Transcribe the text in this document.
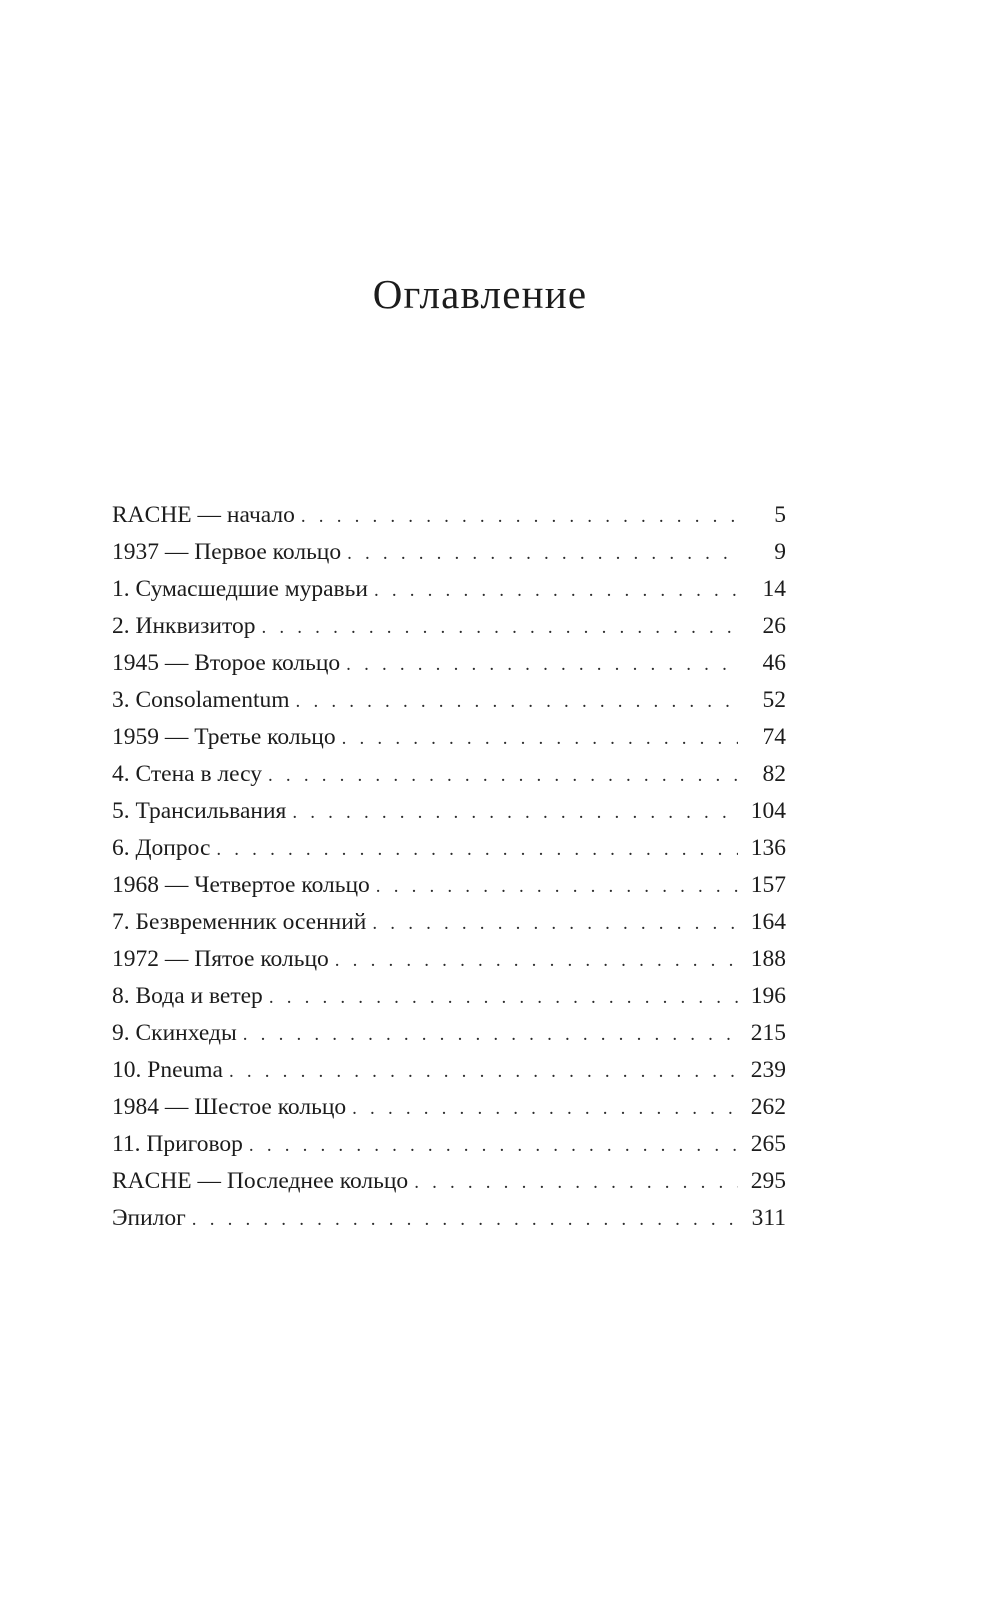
Оглавление
RACHE — начало . . .	5
1937 — Первое кольцо . . .	9
1. Сумасшедшие муравьи . . .	14
2. Инквизитор . . .	26
1945 — Второе кольцо . . .	46
3. Consolamentum . . .	52
1959 — Третье кольцо . . .	74
4. Стена в лесу . . .	82
5. Трансильвания . . .	104
6. Допрос . . .	136
1968 — Четвертое кольцо . . .	157
7. Безвременник осенний . . .	164
1972 — Пятое кольцо . . .	188
8. Вода и ветер . . .	196
9. Скинхеды . . .	215
10. Pneuma . . .	239
1984 — Шестое кольцо . . .	262
11. Приговор . . .	265
RACHE — Последнее кольцо . . .	295
Эпилог . . .	311
